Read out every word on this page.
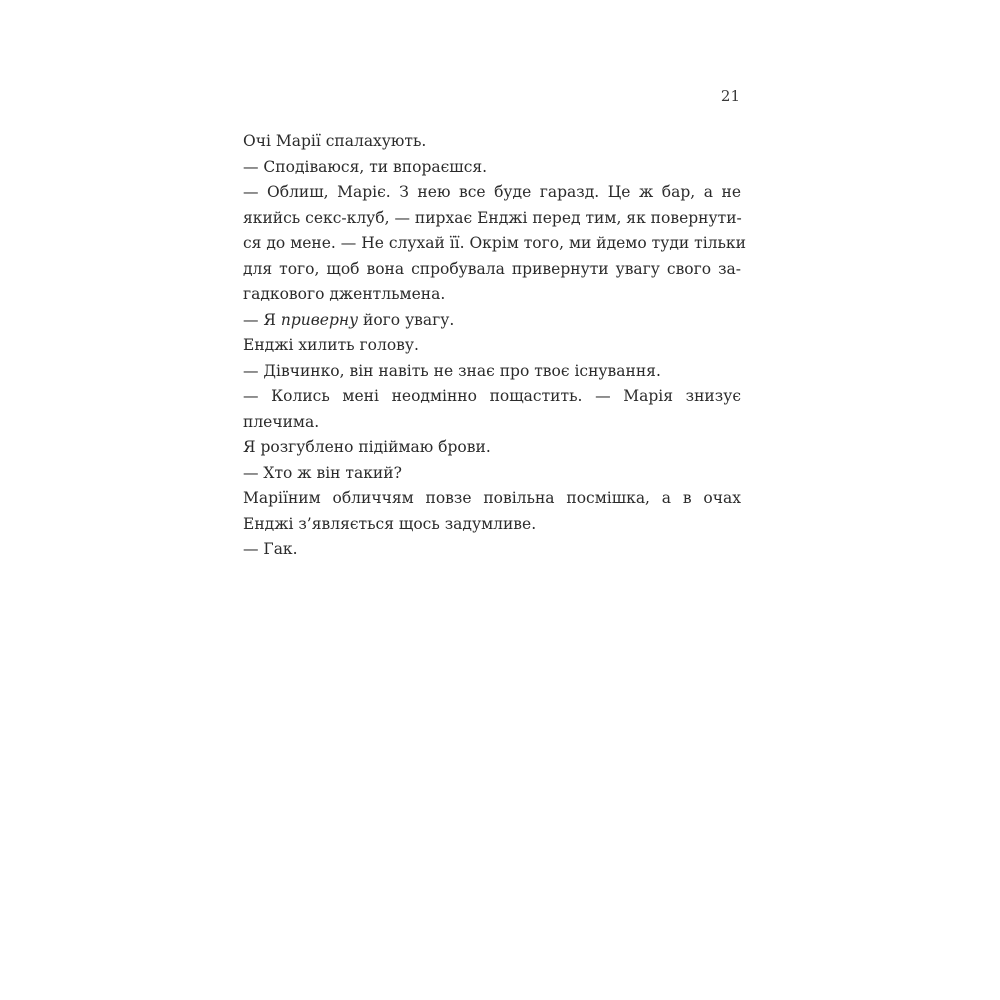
21
Очі Марії спалахують.
— Сподіваюся, ти впораєшся.
— Облиш, Маріє. З нею все буде гаразд. Це ж бар, а не
якийсь секс-клуб, — пирхає Енджі перед тим, як повернути-
ся до мене. — Не слухай її. Окрім того, ми йдемо туди тільки
для того, щоб вона спробувала привернути увагу свого за-
гадкового джентльмена.
— Я приверну його увагу.
Енджі хилить голову.
— Дівчинко, він навіть не знає про твоє існування.
— Колись мені неодмінно пощастить. — Марія знизує
плечима.
Я розгублено підіймаю брови.
— Хто ж він такий?
Маріїним обличчям повзе повільна посмішка, а в очах
Енджі з’являється щось задумливе.
— Гак.
